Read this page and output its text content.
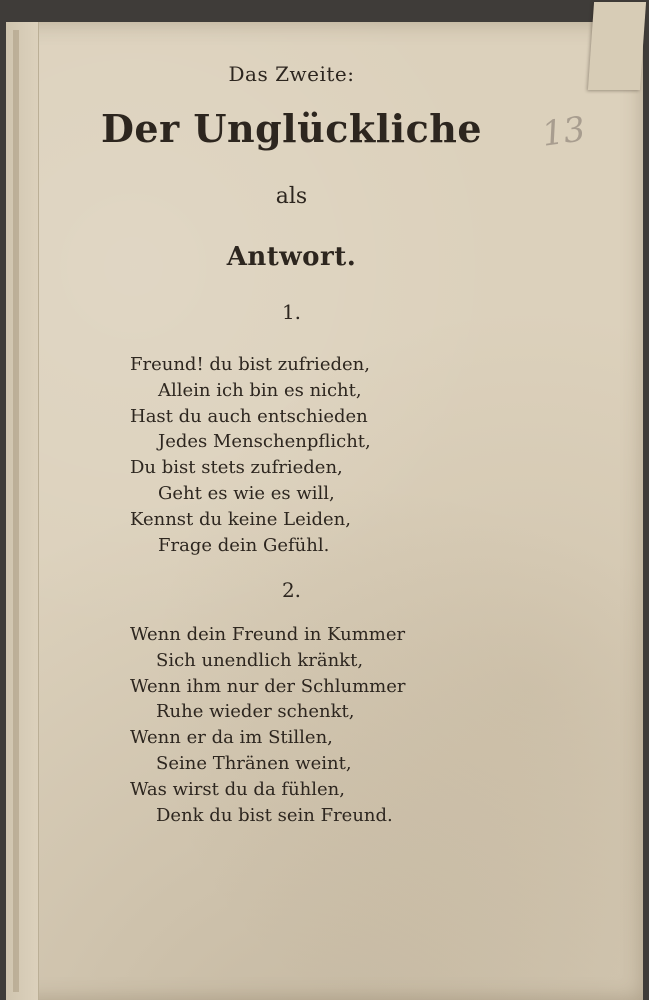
13
Das Zweite:
Der Unglückliche
als
Antwort.
1.
Freund! du bist zufrieden,
Allein ich bin es nicht,
Hast du auch entschieden
Jedes Menschenpflicht,
Du bist stets zufrieden,
Geht es wie es will,
Kennst du keine Leiden,
Frage dein Gefühl.
2.
Wenn dein Freund in Kummer
Sich unendlich kränkt,
Wenn ihm nur der Schlummer
Ruhe wieder schenkt,
Wenn er da im Stillen,
Seine Thränen weint,
Was wirst du da fühlen,
Denk du bist sein Freund.
